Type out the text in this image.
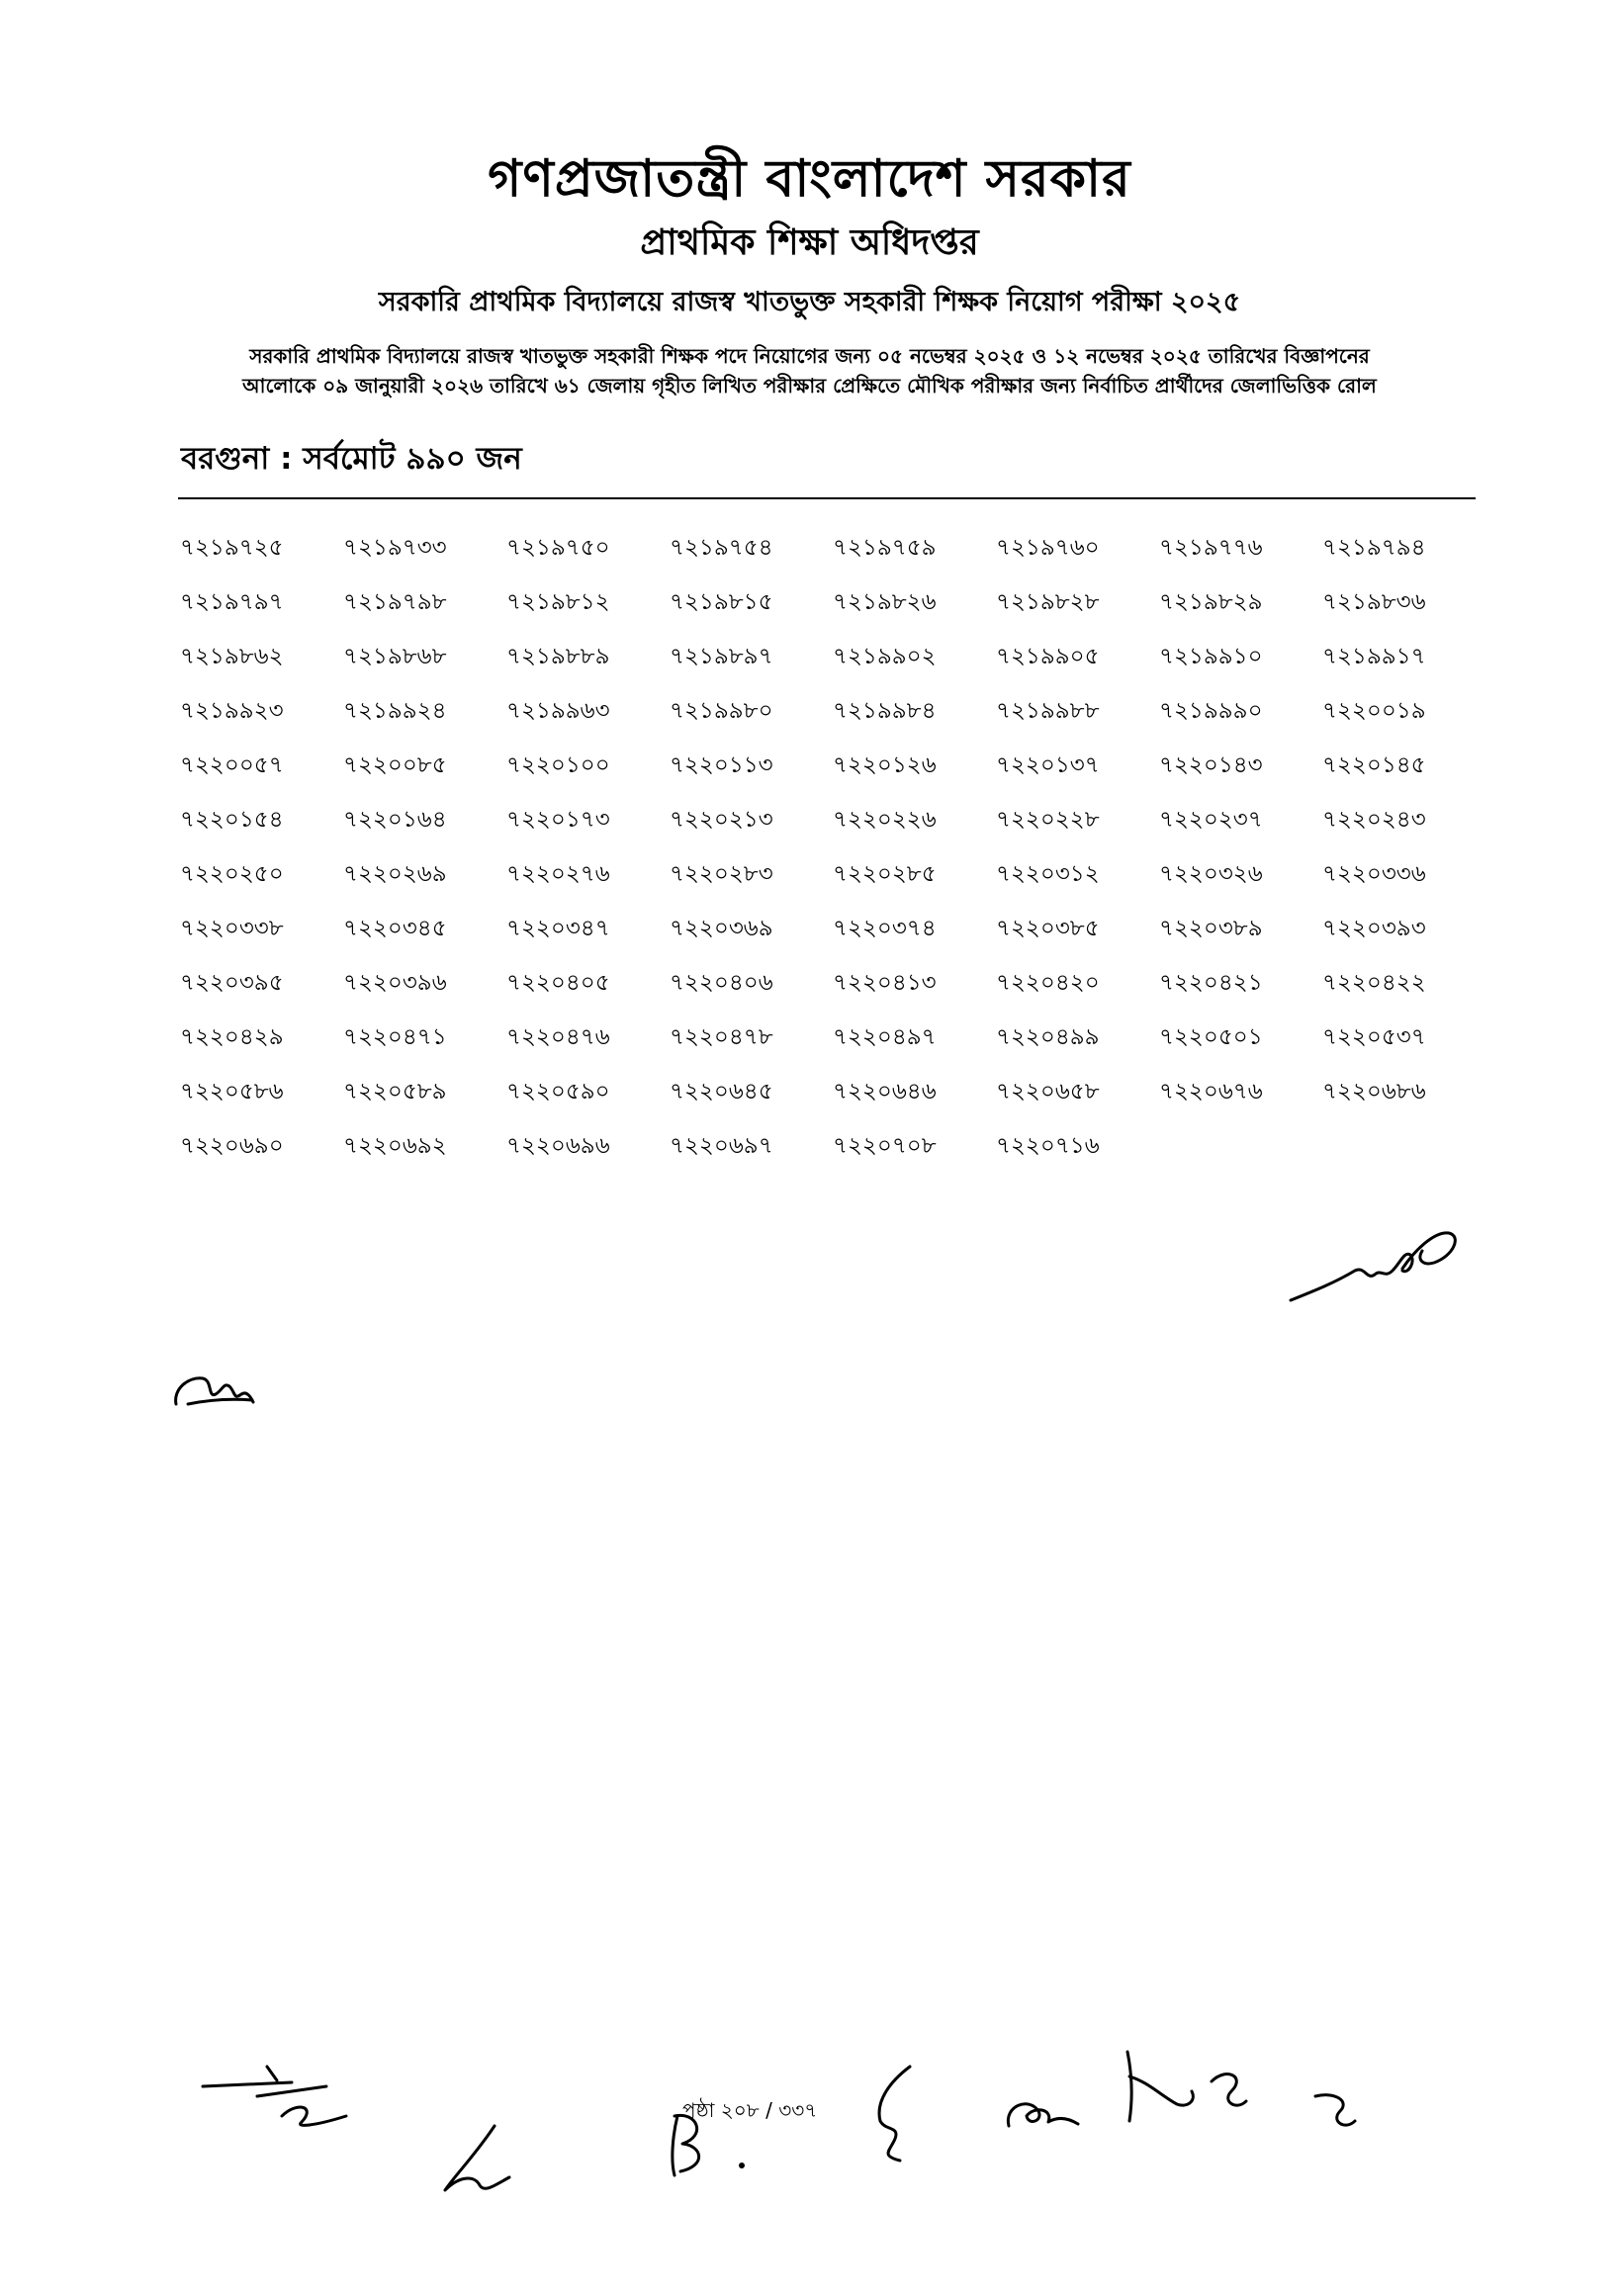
গণপ্রজাতন্ত্রী বাংলাদেশ সরকার
প্রাথমিক শিক্ষা অধিদপ্তর
সরকারি প্রাথমিক বিদ্যালয়ে রাজস্ব খাতভুক্ত সহকারী শিক্ষক নিয়োগ পরীক্ষা ২০২৫
সরকারি প্রাথমিক বিদ্যালয়ে রাজস্ব খাতভুক্ত সহকারী শিক্ষক পদে নিয়োগের জন্য ০৫ নভেম্বর ২০২৫ ও ১২ নভেম্বর ২০২৫ তারিখের বিজ্ঞাপনের
আলোকে ০৯ জানুয়ারী ২০২৬ তারিখে ৬১ জেলায় গৃহীত লিখিত পরীক্ষার প্রেক্ষিতে মৌখিক পরীক্ষার জন্য নির্বাচিত প্রার্থীদের জেলাভিত্তিক রোল
বরগুনা : সর্বমোট ৯৯০ জন
৭২১৯৭২৫	৭২১৯৭৩৩	৭২১৯৭৫০	৭২১৯৭৫৪	৭২১৯৭৫৯	৭২১৯৭৬০	৭২১৯৭৭৬	৭২১৯৭৯৪
৭২১৯৭৯৭	৭২১৯৭৯৮	৭২১৯৮১২	৭২১৯৮১৫	৭২১৯৮২৬	৭২১৯৮২৮	৭২১৯৮২৯	৭২১৯৮৩৬
৭২১৯৮৬২	৭২১৯৮৬৮	৭২১৯৮৮৯	৭২১৯৮৯৭	৭২১৯৯০২	৭২১৯৯০৫	৭২১৯৯১০	৭২১৯৯১৭
৭২১৯৯২৩	৭২১৯৯২৪	৭২১৯৯৬৩	৭২১৯৯৮০	৭২১৯৯৮৪	৭২১৯৯৮৮	৭২১৯৯৯০	৭২২০০১৯
৭২২০০৫৭	৭২২০০৮৫	৭২২০১০০	৭২২০১১৩	৭২২০১২৬	৭২২০১৩৭	৭২২০১৪৩	৭২২০১৪৫
৭২২০১৫৪	৭২২০১৬৪	৭২২০১৭৩	৭২২০২১৩	৭২২০২২৬	৭২২০২২৮	৭২২০২৩৭	৭২২০২৪৩
৭২২০২৫০	৭২২০২৬৯	৭২২০২৭৬	৭২২০২৮৩	৭২২০২৮৫	৭২২০৩১২	৭২২০৩২৬	৭২২০৩৩৬
৭২২০৩৩৮	৭২২০৩৪৫	৭২২০৩৪৭	৭২২০৩৬৯	৭২২০৩৭৪	৭২২০৩৮৫	৭২২০৩৮৯	৭২২০৩৯৩
৭২২০৩৯৫	৭২২০৩৯৬	৭২২০৪০৫	৭২২০৪০৬	৭২২০৪১৩	৭২২০৪২০	৭২২০৪২১	৭২২০৪২২
৭২২০৪২৯	৭২২০৪৭১	৭২২০৪৭৬	৭২২০৪৭৮	৭২২০৪৯৭	৭২২০৪৯৯	৭২২০৫০১	৭২২০৫৩৭
৭২২০৫৮৬	৭২২০৫৮৯	৭২২০৫৯০	৭২২০৬৪৫	৭২২০৬৪৬	৭২২০৬৫৮	৭২২০৬৭৬	৭২২০৬৮৬
৭২২০৬৯০	৭২২০৬৯২	৭২২০৬৯৬	৭২২০৬৯৭	৭২২০৭০৮	৭২২০৭১৬
পৃষ্ঠা ২০৮ / ৩৩৭
